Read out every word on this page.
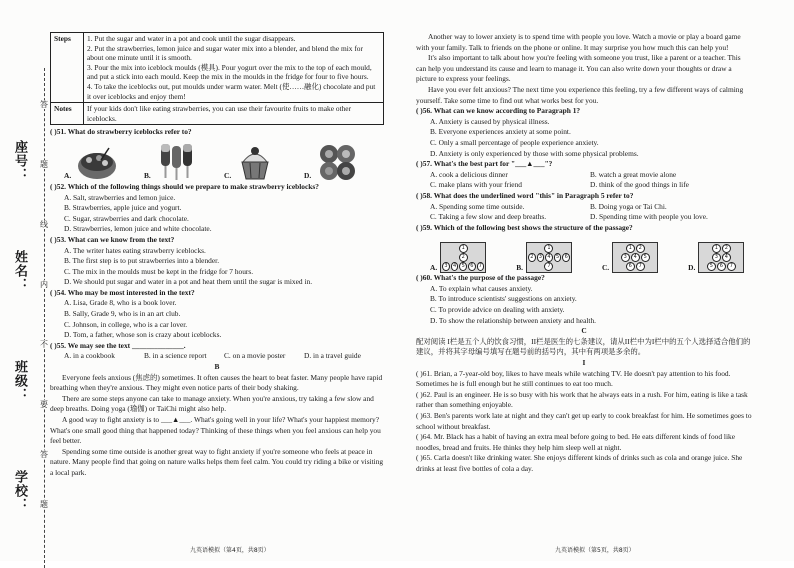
座号：
姓名：
班级：
学校：
答
题
线
内
不
要
答
题
Steps	1. Put the sugar and water in a pot and cook until the sugar disappears.

2. Put the strawberries, lemon juice and sugar water mix into a blender, and blend the mix for about one minute until it is smooth.

3. Pour the mix into iceblock moulds (模具). Pour yogurt over the mix to the top of each mould, and put a stick into each mould. Keep the mix in the moulds in the fridge for four to five hours.

4. To take the iceblocks out, put moulds under warm water. Melt (使……融化) chocolate and put it over iceblocks and enjoy them!

Notes	If your kids don't like eating strawberries, you can use their favourite fruits to make other iceblocks.

( )51. What do strawberry iceblocks refer to?

A.	B.	C.	D.

( )52. Which of the following things should we prepare to make strawberry iceblocks?

A. Salt, strawberries and lemon juice.

B. Strawberries, apple juice and yogurt.

C. Sugar, strawberries and dark chocolate.

D. Strawberries, lemon juice and white chocolate.

( )53. What can we know from the text?

A. The writer hates eating strawberry iceblocks.

B. The first step is to put strawberries into a blender.

C. The mix in the moulds must be kept in the fridge for 7 hours.

D. We should put sugar and water in a pot and heat them until the sugar is mixed in.

( )54. Who may be most interested in the text?

A. Lisa, Grade 8, who is a book lover.

B. Sally, Grade 9, who is in an art club.

C. Johnson, in college, who is a car lover.

D. Tom, a father, whose son is crazy about iceblocks.

( )55. We may see the text ______________.

A. in a cookbook	B. in a science report	C. on a movie poster	D. in a travel guide

B

Everyone feels anxious (焦虑的) sometimes. It often causes the heart to beat faster. Many people have rapid breathing when they're anxious. They might even notice parts of their body shaking.

There are some steps anyone can take to manage anxiety. When you're anxious, try taking a few slow and deep breaths. Doing yoga (瑜伽) or TaiChi might also help.

A good way to fight anxiety is to ___▲___. What's going well in your life? What's your happiest memory? What's one small good thing that happened today? Thinking of these things when you feel anxious can help you feel better.

Spending some time outside is another great way to fight anxiety if you're someone who feels at peace in nature. Many people find that going on nature walks helps them feel calm. You could try riding a bike or visiting a local park.

Another way to lower anxiety is to spend time with people you love. Watch a movie or play a board game with your family. Talk to friends on the phone or online. It may surprise you how much this can help you!

It's also important to talk about how you're feeling with someone you trust, like a parent or a teacher. This can help you understand its cause and learn to manage it. You can also write down your thoughts or draw a picture to express your feelings.

Have you ever felt anxious? The next time you experience this feeling, try a few different ways of calming yourself. Take some time to find out what works best for you.

( )56. What can we know according to Paragraph 1?

A. Anxiety is caused by physical illness.

B. Everyone experiences anxiety at some point.

C. Only a small percentage of people experience anxiety.

D. Anxiety is only experienced by those with some physical problems.

( )57. What's the best part for "___▲___"?

A. cook a delicious dinner	B. watch a great movie alone
C. make plans with your friend	D. think of the good things in life

( )58. What does the underlined word "this" in Paragraph 5 refer to?

A. Spending some time outside.	B. Doing yoga or Tai Chi.
C. Taking a few slow and deep breaths.	D. Spending time with people you love.

( )59. Which of the following best shows the structure of the passage?

A.
1
2
3	4	5	6	7	B.
1
2	3	4	5	6
7	C.
1	2
3	4	5
6	7	D.
1	2
3	4
5	6	7

( )60. What's the purpose of the passage?

A. To explain what causes anxiety.

B. To introduce scientists' suggestions on anxiety.

C. To provide advice on dealing with anxiety.

D. To show the relationship between anxiety and health.

C

配对阅读 I栏是五个人的饮食习惯，II栏是医生的七条建议，请从II栏中为I栏中的五个人选择适合他们的建议，并将其字母编号填写在题号前的括号内，其中有两项是多余的。

I

( )61. Brian, a 7-year-old boy, likes to have meals while watching TV. He doesn't pay attention to his food. Sometimes he is full enough but he still continues to eat too much.

( )62. Paul is an engineer. He is so busy with his work that he always eats in a rush. For him, eating is like a task rather than something enjoyable.

( )63. Ben's parents work late at night and they can't get up early to cook breakfast for him. He sometimes goes to school without breakfast.

( )64. Mr. Black has a habit of having an extra meal before going to bed. He eats different kinds of food like noodles, bread and fruits. He thinks they help him sleep well at night.

( )65. Carla doesn't like drinking water. She enjoys different kinds of drinks such as cola and orange juice. She drinks at least five bottles of cola a day.

九英语模拟（第4页，共8页）	九英语模拟（第5页，共8页）
